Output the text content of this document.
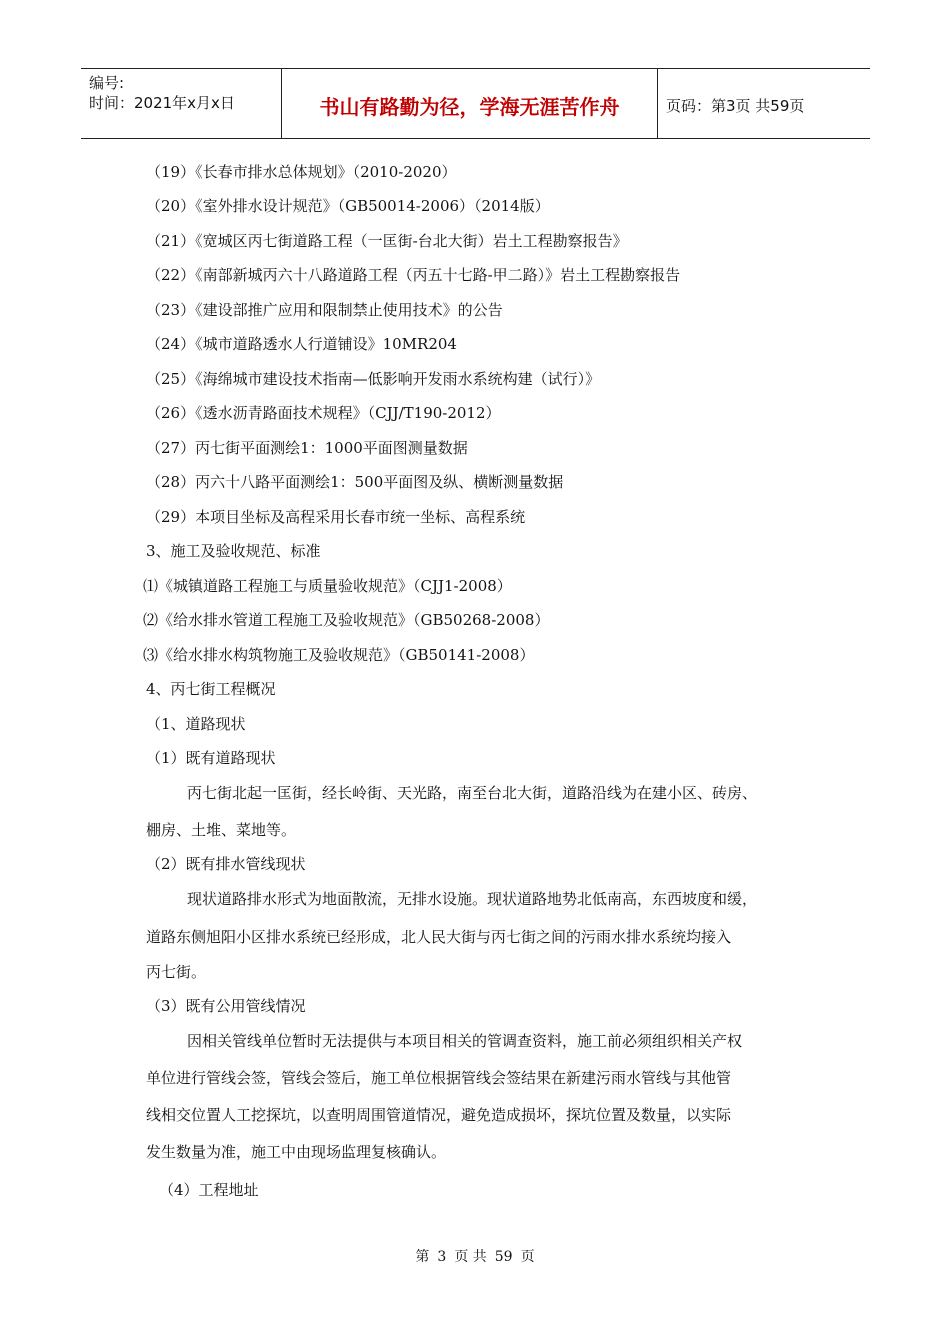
编号:
时间：2021年x月x日	书山有路勤为径，学海无涯苦作舟	页码：第3页 共59页
（19）《长春市排水总体规划》（2010-2020）
（20）《室外排水设计规范》（GB50014-2006）（2014版）
（21）《宽城区丙七街道路工程（一匡街-台北大街）岩土工程勘察报告》
（22）《南部新城丙六十八路道路工程（丙五十七路-甲二路）》岩土工程勘察报告
（23）《建设部推广应用和限制禁止使用技术》的公告
（24）《城市道路透水人行道铺设》10MR204
（25）《海绵城市建设技术指南—低影响开发雨水系统构建（试行）》
（26）《透水沥青路面技术规程》（CJJ/T190-2012）
（27）丙七街平面测绘1：1000平面图测量数据
（28）丙六十八路平面测绘1：500平面图及纵、横断测量数据
（29）本项目坐标及高程采用长春市统一坐标、高程系统
3、施工及验收规范、标准
⑴《城镇道路工程施工与质量验收规范》（CJJ1-2008）
⑵《给水排水管道工程施工及验收规范》（GB50268-2008）
⑶《给水排水构筑物施工及验收规范》（GB50141-2008）
4、丙七街工程概况
（1、道路现状
（1）既有道路现状
丙七街北起一匡街，经长岭街、天光路，南至台北大街，道路沿线为在建小区、砖房、
棚房、土堆、菜地等。
（2）既有排水管线现状
现状道路排水形式为地面散流，无排水设施。现状道路地势北低南高，东西坡度和缓，
道路东侧旭阳小区排水系统已经形成，北人民大街与丙七街之间的污雨水排水系统均接入
丙七街。
（3）既有公用管线情况
因相关管线单位暂时无法提供与本项目相关的管调查资料，施工前必须组织相关产权
单位进行管线会签，管线会签后，施工单位根据管线会签结果在新建污雨水管线与其他管
线相交位置人工挖探坑，以查明周围管道情况，避免造成损坏，探坑位置及数量，以实际
发生数量为准，施工中由现场监理复核确认。
（4）工程地址
第 3 页 共 59 页
